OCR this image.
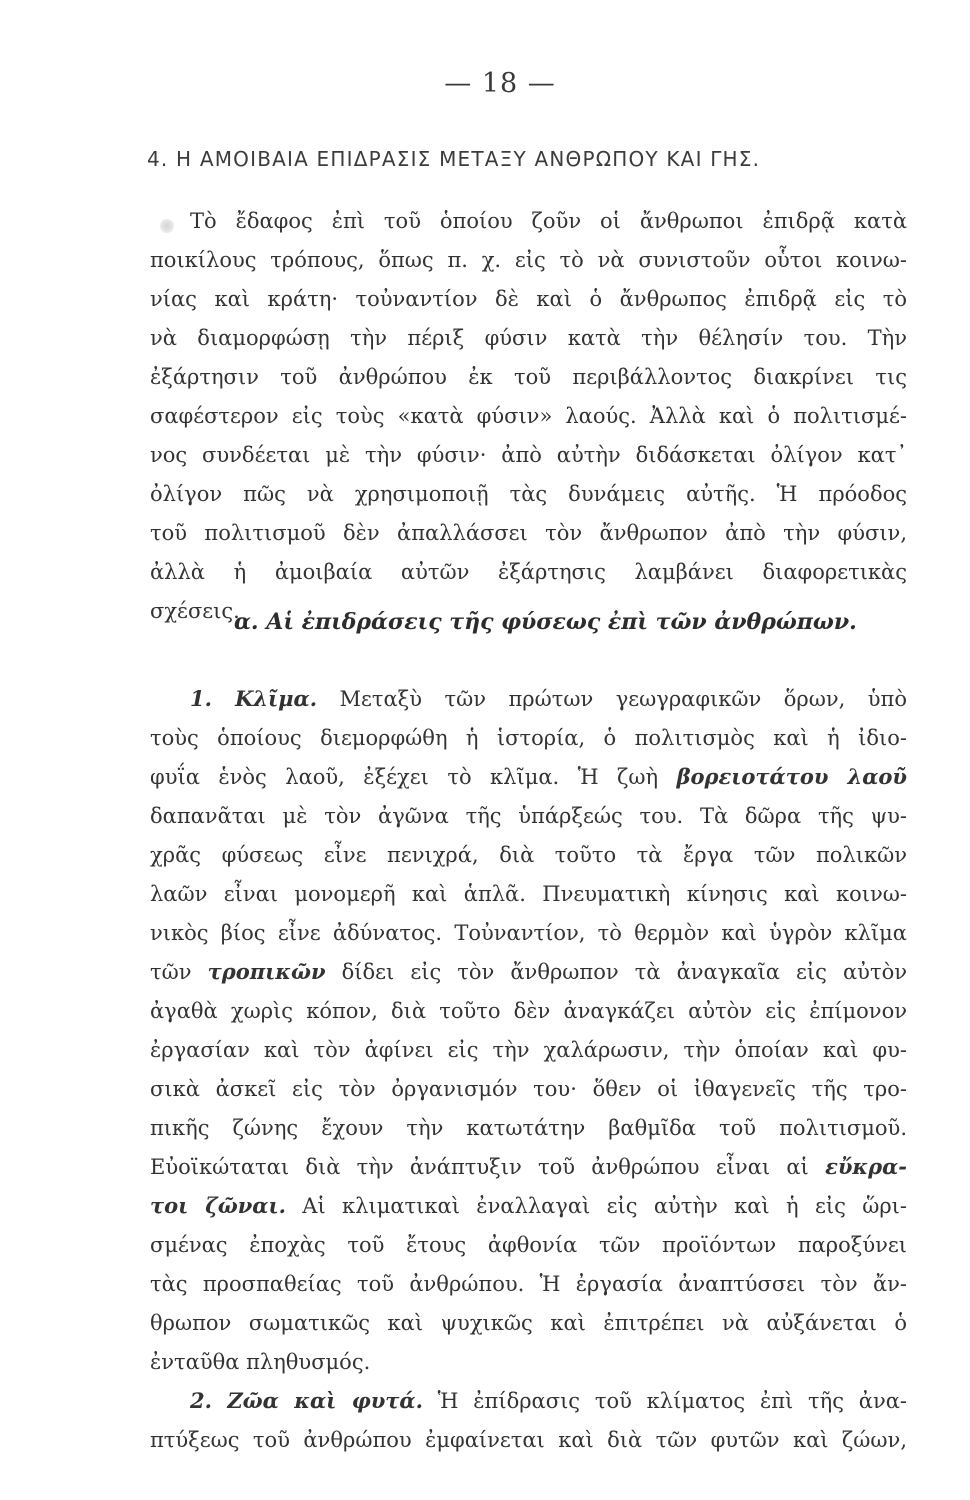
— 18 —
4. Η ΑΜΟΙΒΑΙΑ ΕΠΙΔΡΑΣΙΣ ΜΕΤΑΞΥ ΑΝΘΡΩΠΟΥ ΚΑΙ ΓΗΣ.
Τὸ ἔδαφος ἐπὶ τοῦ ὁποίου ζοῦν οἱ ἄνθρωποι ἐπιδρᾷ κατὰ
ποικίλους τρόπους, ὅπως π. χ. εἰς τὸ νὰ συνιστοῦν οὗτοι κοινω-
νίας καὶ κράτη· τοὐναντίον δὲ καὶ ὁ ἄνθρωπος ἐπιδρᾷ εἰς τὸ
νὰ διαμορφώσῃ τὴν πέριξ φύσιν κατὰ τὴν θέλησίν του. Τὴν
ἐξάρτησιν τοῦ ἀνθρώπου ἐκ τοῦ περιβάλλοντος διακρίνει τις
σαφέστερον εἰς τοὺς «κατὰ φύσιν» λαούς. Ἀλλὰ καὶ ὁ πολιτισμέ-
νος συνδέεται μὲ τὴν φύσιν· ἀπὸ αὐτὴν διδάσκεται ὀλίγον κατ᾽
ὀλίγον πῶς νὰ χρησιμοποιῇ τὰς δυνάμεις αὐτῆς. Ἡ πρόοδος
τοῦ πολιτισμοῦ δὲν ἀπαλλάσσει τὸν ἄνθρωπον ἀπὸ τὴν φύσιν,
ἀλλὰ ἡ ἀμοιβαία αὐτῶν ἐξάρτησις λαμβάνει διαφορετικὰς
σχέσεις.
α. Αἱ ἐπιδράσεις τῆς φύσεως ἐπὶ τῶν ἀνθρώπων.
1. Κλῖμα. Μεταξὺ τῶν πρώτων γεωγραφικῶν ὅρων, ὑπὸ
τοὺς ὁποίους διεμορφώθη ἡ ἱστορία, ὁ πολιτισμὸς καὶ ἡ ἰδιο-
φυΐα ἑνὸς λαοῦ, ἐξέχει τὸ κλῖμα. Ἡ ζωὴ βορειοτάτου λαοῦ
δαπανᾶται μὲ τὸν ἀγῶνα τῆς ὑπάρξεώς του. Τὰ δῶρα τῆς ψυ-
χρᾶς φύσεως εἶνε πενιχρά, διὰ τοῦτο τὰ ἔργα τῶν πολικῶν
λαῶν εἶναι μονομερῆ καὶ ἁπλᾶ. Πνευματικὴ κίνησις καὶ κοινω-
νικὸς βίος εἶνε ἀδύνατος. Τοὐναντίον, τὸ θερμὸν καὶ ὑγρὸν κλῖμα
τῶν τροπικῶν δίδει εἰς τὸν ἄνθρωπον τὰ ἀναγκαῖα εἰς αὐτὸν
ἀγαθὰ χωρὶς κόπον, διὰ τοῦτο δὲν ἀναγκάζει αὐτὸν εἰς ἐπίμονον
ἐργασίαν καὶ τὸν ἀφίνει εἰς τὴν χαλάρωσιν, τὴν ὁποίαν καὶ φυ-
σικὰ ἀσκεῖ εἰς τὸν ὀργανισμόν του· ὅθεν οἱ ἰθαγενεῖς τῆς τρο-
πικῆς ζώνης ἔχουν τὴν κατωτάτην βαθμῖδα τοῦ πολιτισμοῦ.
Εὐοϊκώταται διὰ τὴν ἀνάπτυξιν τοῦ ἀνθρώπου εἶναι αἱ εὔκρα-
τοι ζῶναι. Αἱ κλιματικαὶ ἐναλλαγαὶ εἰς αὐτὴν καὶ ἡ εἰς ὥρι-
σμένας ἐποχὰς τοῦ ἔτους ἀφθονία τῶν προϊόντων παροξύνει
τὰς προσπαθείας τοῦ ἀνθρώπου. Ἡ ἐργασία ἀναπτύσσει τὸν ἄν-
θρωπον σωματικῶς καὶ ψυχικῶς καὶ ἐπιτρέπει νὰ αὐξάνεται ὁ
ἐνταῦθα πληθυσμός.
2. Ζῶα καὶ φυτά. Ἡ ἐπίδρασις τοῦ κλίματος ἐπὶ τῆς ἀνα-
πτύξεως τοῦ ἀνθρώπου ἐμφαίνεται καὶ διὰ τῶν φυτῶν καὶ ζώων,
